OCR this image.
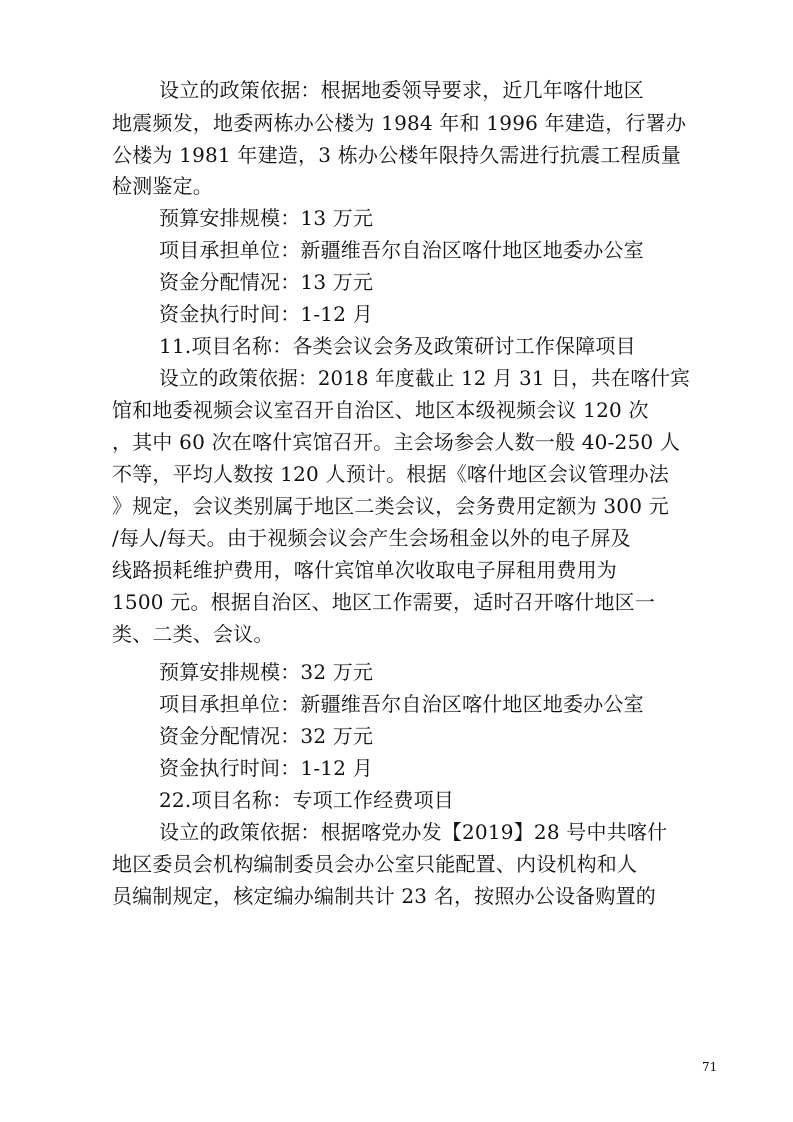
设立的政策依据：根据地委领导要求，近几年喀什地区
地震频发，地委两栋办公楼为 1984 年和 1996 年建造，行署办
公楼为 1981 年建造，3 栋办公楼年限持久需进行抗震工程质量
检测鉴定。
预算安排规模：13 万元
项目承担单位：新疆维吾尔自治区喀什地区地委办公室
资金分配情况：13 万元
资金执行时间：1-12 月
11.项目名称：各类会议会务及政策研讨工作保障项目
设立的政策依据：2018 年度截止 12 月 31 日，共在喀什宾
馆和地委视频会议室召开自治区、地区本级视频会议 120 次
，其中 60 次在喀什宾馆召开。主会场参会人数一般 40-250 人
不等，平均人数按 120 人预计。根据《喀什地区会议管理办法
》规定，会议类别属于地区二类会议，会务费用定额为 300 元
/每人/每天。由于视频会议会产生会场租金以外的电子屏及
线路损耗维护费用，喀什宾馆单次收取电子屏租用费用为
1500 元。根据自治区、地区工作需要，适时召开喀什地区一
类、二类、会议。
预算安排规模：32 万元
项目承担单位：新疆维吾尔自治区喀什地区地委办公室
资金分配情况：32 万元
资金执行时间：1-12 月
22.项目名称：专项工作经费项目
设立的政策依据：根据喀党办发【2019】28 号中共喀什
地区委员会机构编制委员会办公室只能配置、内设机构和人
员编制规定，核定编办编制共计 23 名，按照办公设备购置的
71
